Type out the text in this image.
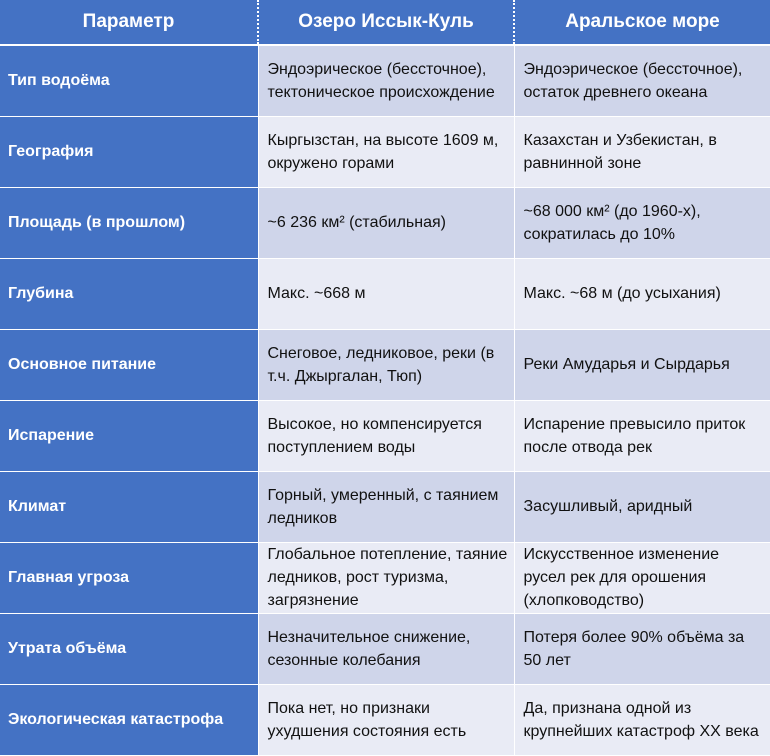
Параметр	Озеро Иссык-Куль	Аральское море
Тип водоёма	Эндоэрическое (бессточное), тектоническое происхождение	Эндоэрическое (бессточное), остаток древнего океана
География	Кыргызстан, на высоте 1609 м, окружено горами	Казахстан и Узбекистан, в равнинной зоне
Площадь (в прошлом)	~6 236 км² (стабильная)	~68 000 км² (до 1960-х), сократилась до 10%
Глубина	Макс. ~668 м	Макс. ~68 м (до усыхания)
Основное питание	Снеговое, ледниковое, реки (в т.ч. Джыргалан, Тюп)	Реки Амударья и Сырдарья
Испарение	Высокое, но компенсируется поступлением воды	Испарение превысило приток после отвода рек
Климат	Горный, умеренный, с таянием ледников	Засушливый, аридный
Главная угроза	Глобальное потепление, таяние ледников, рост туризма, загрязнение	Искусственное изменение русел рек для орошения (хлопководство)
Утрата объёма	Незначительное снижение, сезонные колебания	Потеря более 90% объёма за 50 лет
Экологическая катастрофа	Пока нет, но признаки ухудшения состояния есть	Да, признана одной из крупнейших катастроф XX века
